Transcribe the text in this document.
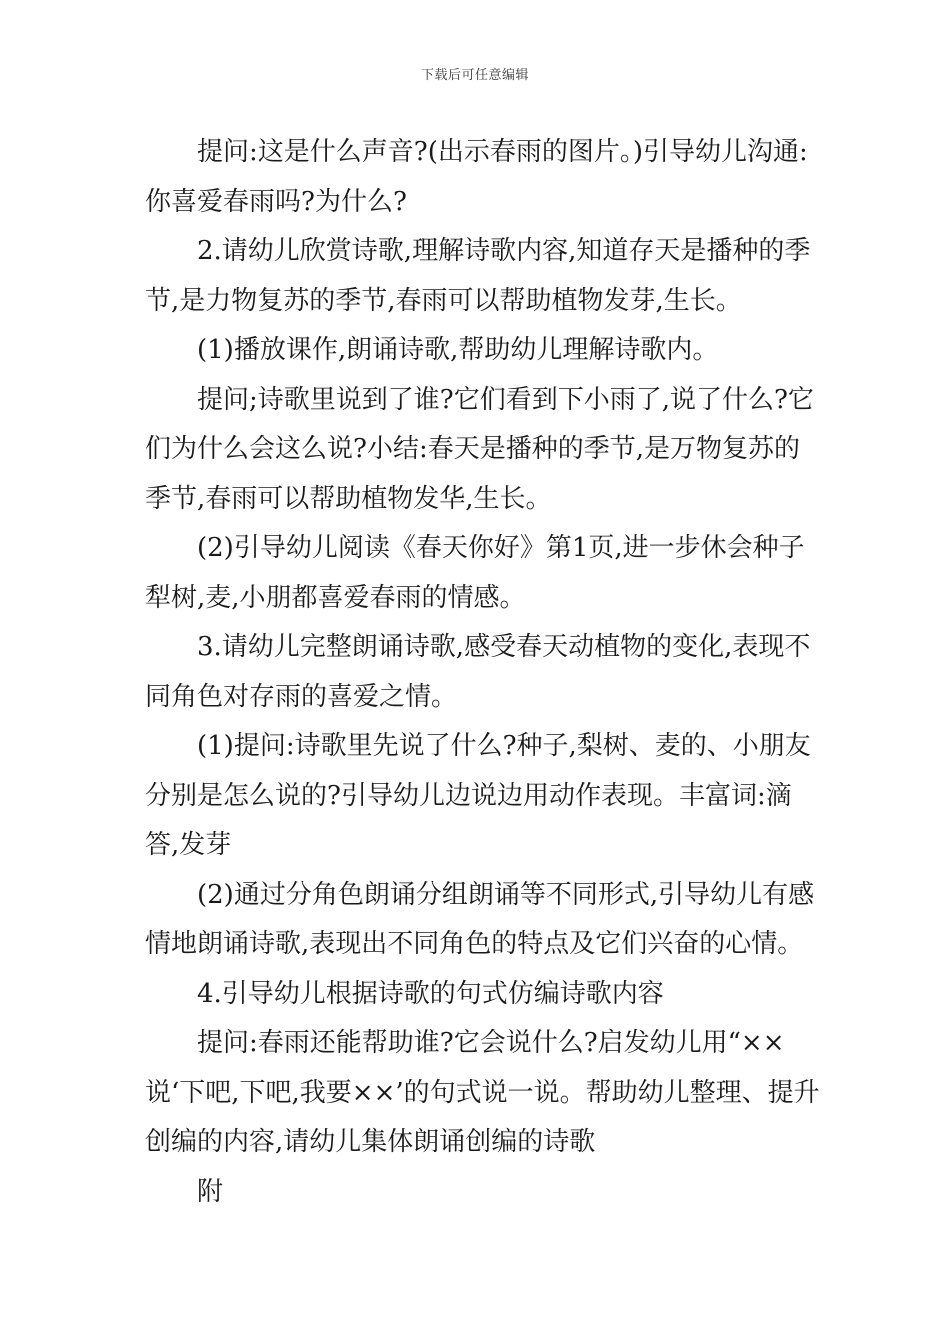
下载后可任意编辑

提问:这是什么声音?(出示春雨的图片。)引导幼儿沟通:你喜爱春雨吗?为什么?

2.请幼儿欣赏诗歌,理解诗歌内容,知道存天是播种的季节,是力物复苏的季节,春雨可以帮助植物发芽,生长。

(1)播放课作,朗诵诗歌,帮助幼儿理解诗歌内。

提问;诗歌里说到了谁?它们看到下小雨了,说了什么?它们为什么会这么说?小结:春天是播种的季节,是万物复苏的季节,春雨可以帮助植物发华,生长。

(2)引导幼儿阅读《春天你好》第1页,进一步休会种子犁树,麦,小朋都喜爱春雨的情感。

3.请幼儿完整朗诵诗歌,感受春天动植物的变化,表现不同角色对存雨的喜爱之情。

(1)提问:诗歌里先说了什么?种子,梨树、麦的、小朋友分别是怎么说的?引导幼儿边说边用动作表现。丰富词:滴答,发芽

(2)通过分角色朗诵分组朗诵等不同形式,引导幼儿有感情地朗诵诗歌,表现出不同角色的特点及它们兴奋的心情。

4.引导幼儿根据诗歌的句式仿编诗歌内容

提问:春雨还能帮助谁?它会说什么?启发幼儿用“××说‘下吧,下吧,我要××’的句式说一说。帮助幼儿整理、提升创编的内容,请幼儿集体朗诵创编的诗歌

附
